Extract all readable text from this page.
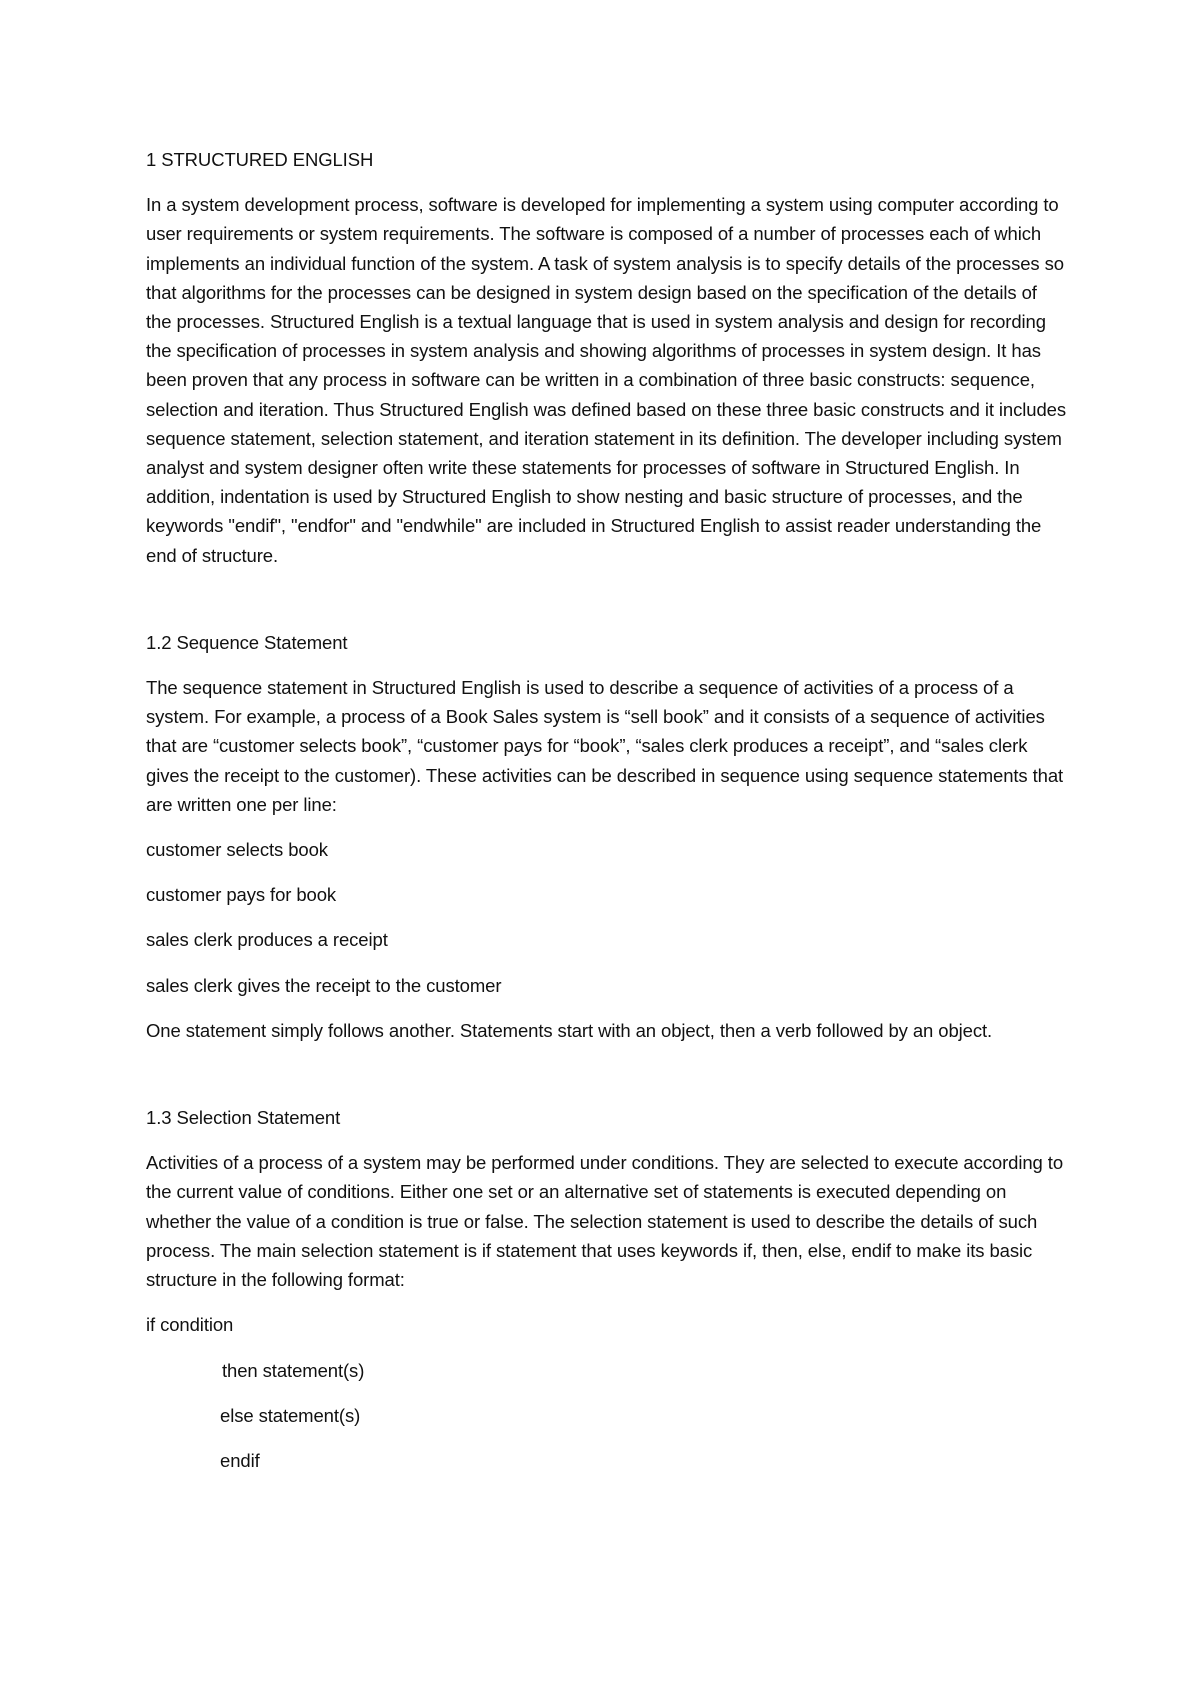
1 STRUCTURED ENGLISH
In a system development process, software is developed for implementing a system using computer according to user requirements or system requirements. The software is composed of a number of processes each of which implements an individual function of the system. A task of system analysis is to specify details of the processes so that algorithms for the processes can be designed in system design based on the specification of the details of the processes. Structured English is a textual language that is used in system analysis and design for recording the specification of processes in system analysis and showing algorithms of processes in system design. It has been proven that any process in software can be written in a combination of three basic constructs: sequence, selection and iteration. Thus Structured English was defined based on these three basic constructs and it includes sequence statement, selection statement, and iteration statement in its definition. The developer including system analyst and system designer often write these statements for processes of software in Structured English. In addition, indentation is used by Structured English to show nesting and basic structure of processes, and the keywords "endif", "endfor" and "endwhile" are included in Structured English to assist reader understanding the end of structure.
1.2 Sequence Statement
The sequence statement in Structured English is used to describe a sequence of activities of a process of a system. For example, a process of a Book Sales system is “sell book” and it consists of a sequence of activities that are “customer selects book”, “customer pays for “book”, “sales clerk produces a receipt”, and “sales clerk gives the receipt to the customer). These activities can be described in sequence using sequence statements that are written one per line:
customer selects book
customer pays for book
sales clerk produces a receipt
sales clerk gives the receipt to the customer
One statement simply follows another. Statements start with an object, then a verb followed by an object.
1.3 Selection Statement
Activities of a process of a system may be performed under conditions. They are selected to execute according to the current value of conditions. Either one set or an alternative set of statements is executed depending on whether the value of a condition is true or false. The selection statement is used to describe the details of such process. The main selection statement is if statement that uses keywords if, then, else, endif to make its basic structure in the following format:
if condition
then statement(s)
else statement(s)
endif
